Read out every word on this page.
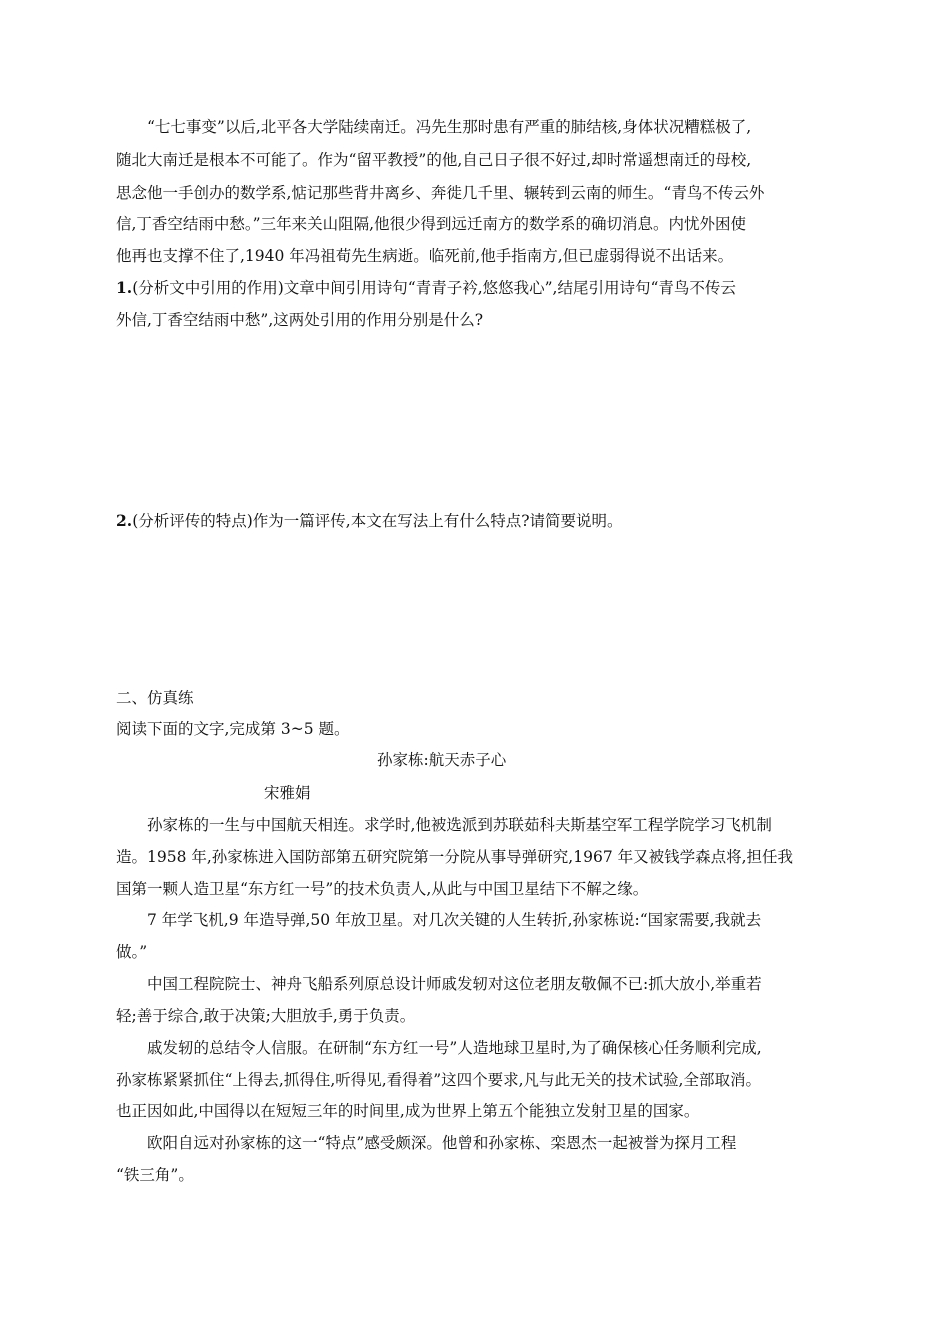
“七七事变”以后,北平各大学陆续南迁。冯先生那时患有严重的肺结核,身体状况糟糕极了,
随北大南迁是根本不可能了。作为“留平教授”的他,自己日子很不好过,却时常遥想南迁的母校,
思念他一手创办的数学系,惦记那些背井离乡、奔徙几千里、辗转到云南的师生。“青鸟不传云外
信,丁香空结雨中愁。”三年来关山阻隔,他很少得到远迁南方的数学系的确切消息。内忧外困使
他再也支撑不住了,1940 年冯祖荀先生病逝。临死前,他手指南方,但已虚弱得说不出话来。
1.(分析文中引用的作用)文章中间引用诗句“青青子衿,悠悠我心”,结尾引用诗句“青鸟不传云
外信,丁香空结雨中愁”,这两处引用的作用分别是什么?
2.(分析评传的特点)作为一篇评传,本文在写法上有什么特点?请简要说明。
二、仿真练
阅读下面的文字,完成第 3~5 题。
孙家栋:航天赤子心
宋雅娟
孙家栋的一生与中国航天相连。求学时,他被选派到苏联茹科夫斯基空军工程学院学习飞机制
造。1958 年,孙家栋进入国防部第五研究院第一分院从事导弹研究,1967 年又被钱学森点将,担任我
国第一颗人造卫星“东方红一号”的技术负责人,从此与中国卫星结下不解之缘。
7 年学飞机,9 年造导弹,50 年放卫星。对几次关键的人生转折,孙家栋说:“国家需要,我就去
做。”
中国工程院院士、神舟飞船系列原总设计师戚发轫对这位老朋友敬佩不已:抓大放小,举重若
轻;善于综合,敢于决策;大胆放手,勇于负责。
戚发轫的总结令人信服。在研制“东方红一号”人造地球卫星时,为了确保核心任务顺利完成,
孙家栋紧紧抓住“上得去,抓得住,听得见,看得着”这四个要求,凡与此无关的技术试验,全部取消。
也正因如此,中国得以在短短三年的时间里,成为世界上第五个能独立发射卫星的国家。
欧阳自远对孙家栋的这一“特点”感受颇深。他曾和孙家栋、栾恩杰一起被誉为探月工程
“铁三角”。
